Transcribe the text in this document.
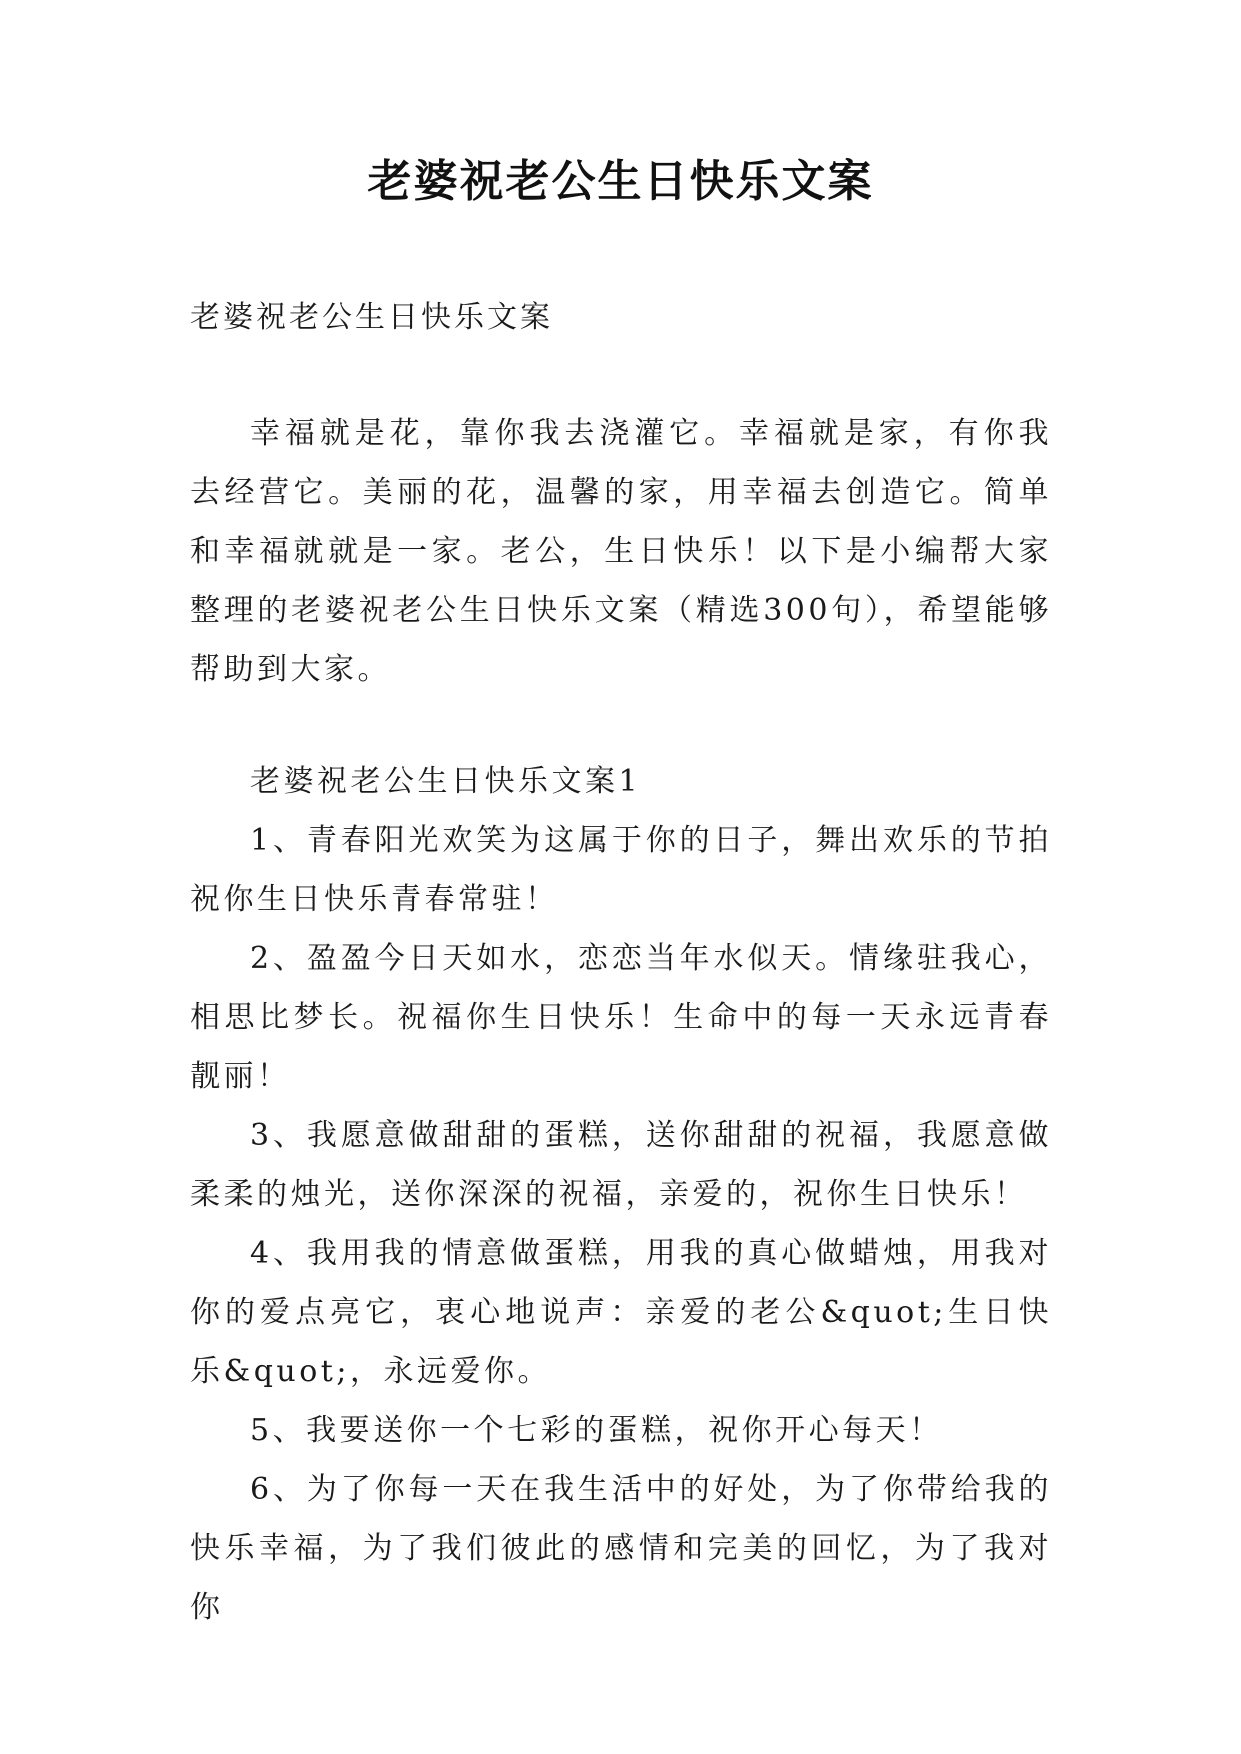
老婆祝老公生日快乐文案
老婆祝老公生日快乐文案

幸福就是花，靠你我去浇灌它。幸福就是家，有你我去经营它。美丽的花，温馨的家，用幸福去创造它。简单和幸福就就是一家。老公，生日快乐！以下是小编帮大家整理的老婆祝老公生日快乐文案（精选300句），希望能够帮助到大家。

老婆祝老公生日快乐文案1

1、青春阳光欢笑为这属于你的日子，舞出欢乐的节拍祝你生日快乐青春常驻！

2、盈盈今日天如水，恋恋当年水似天。情缘驻我心，相思比梦长。祝福你生日快乐！生命中的每一天永远青春靓丽！

3、我愿意做甜甜的蛋糕，送你甜甜的祝福，我愿意做柔柔的烛光，送你深深的祝福，亲爱的，祝你生日快乐！

4、我用我的情意做蛋糕，用我的真心做蜡烛，用我对你的爱点亮它，衷心地说声：亲爱的老公&quot;生日快乐&quot;，永远爱你。

5、我要送你一个七彩的蛋糕，祝你开心每天！

6、为了你每一天在我生活中的好处，为了你带给我的快乐幸福，为了我们彼此的感情和完美的回忆，为了我对你
